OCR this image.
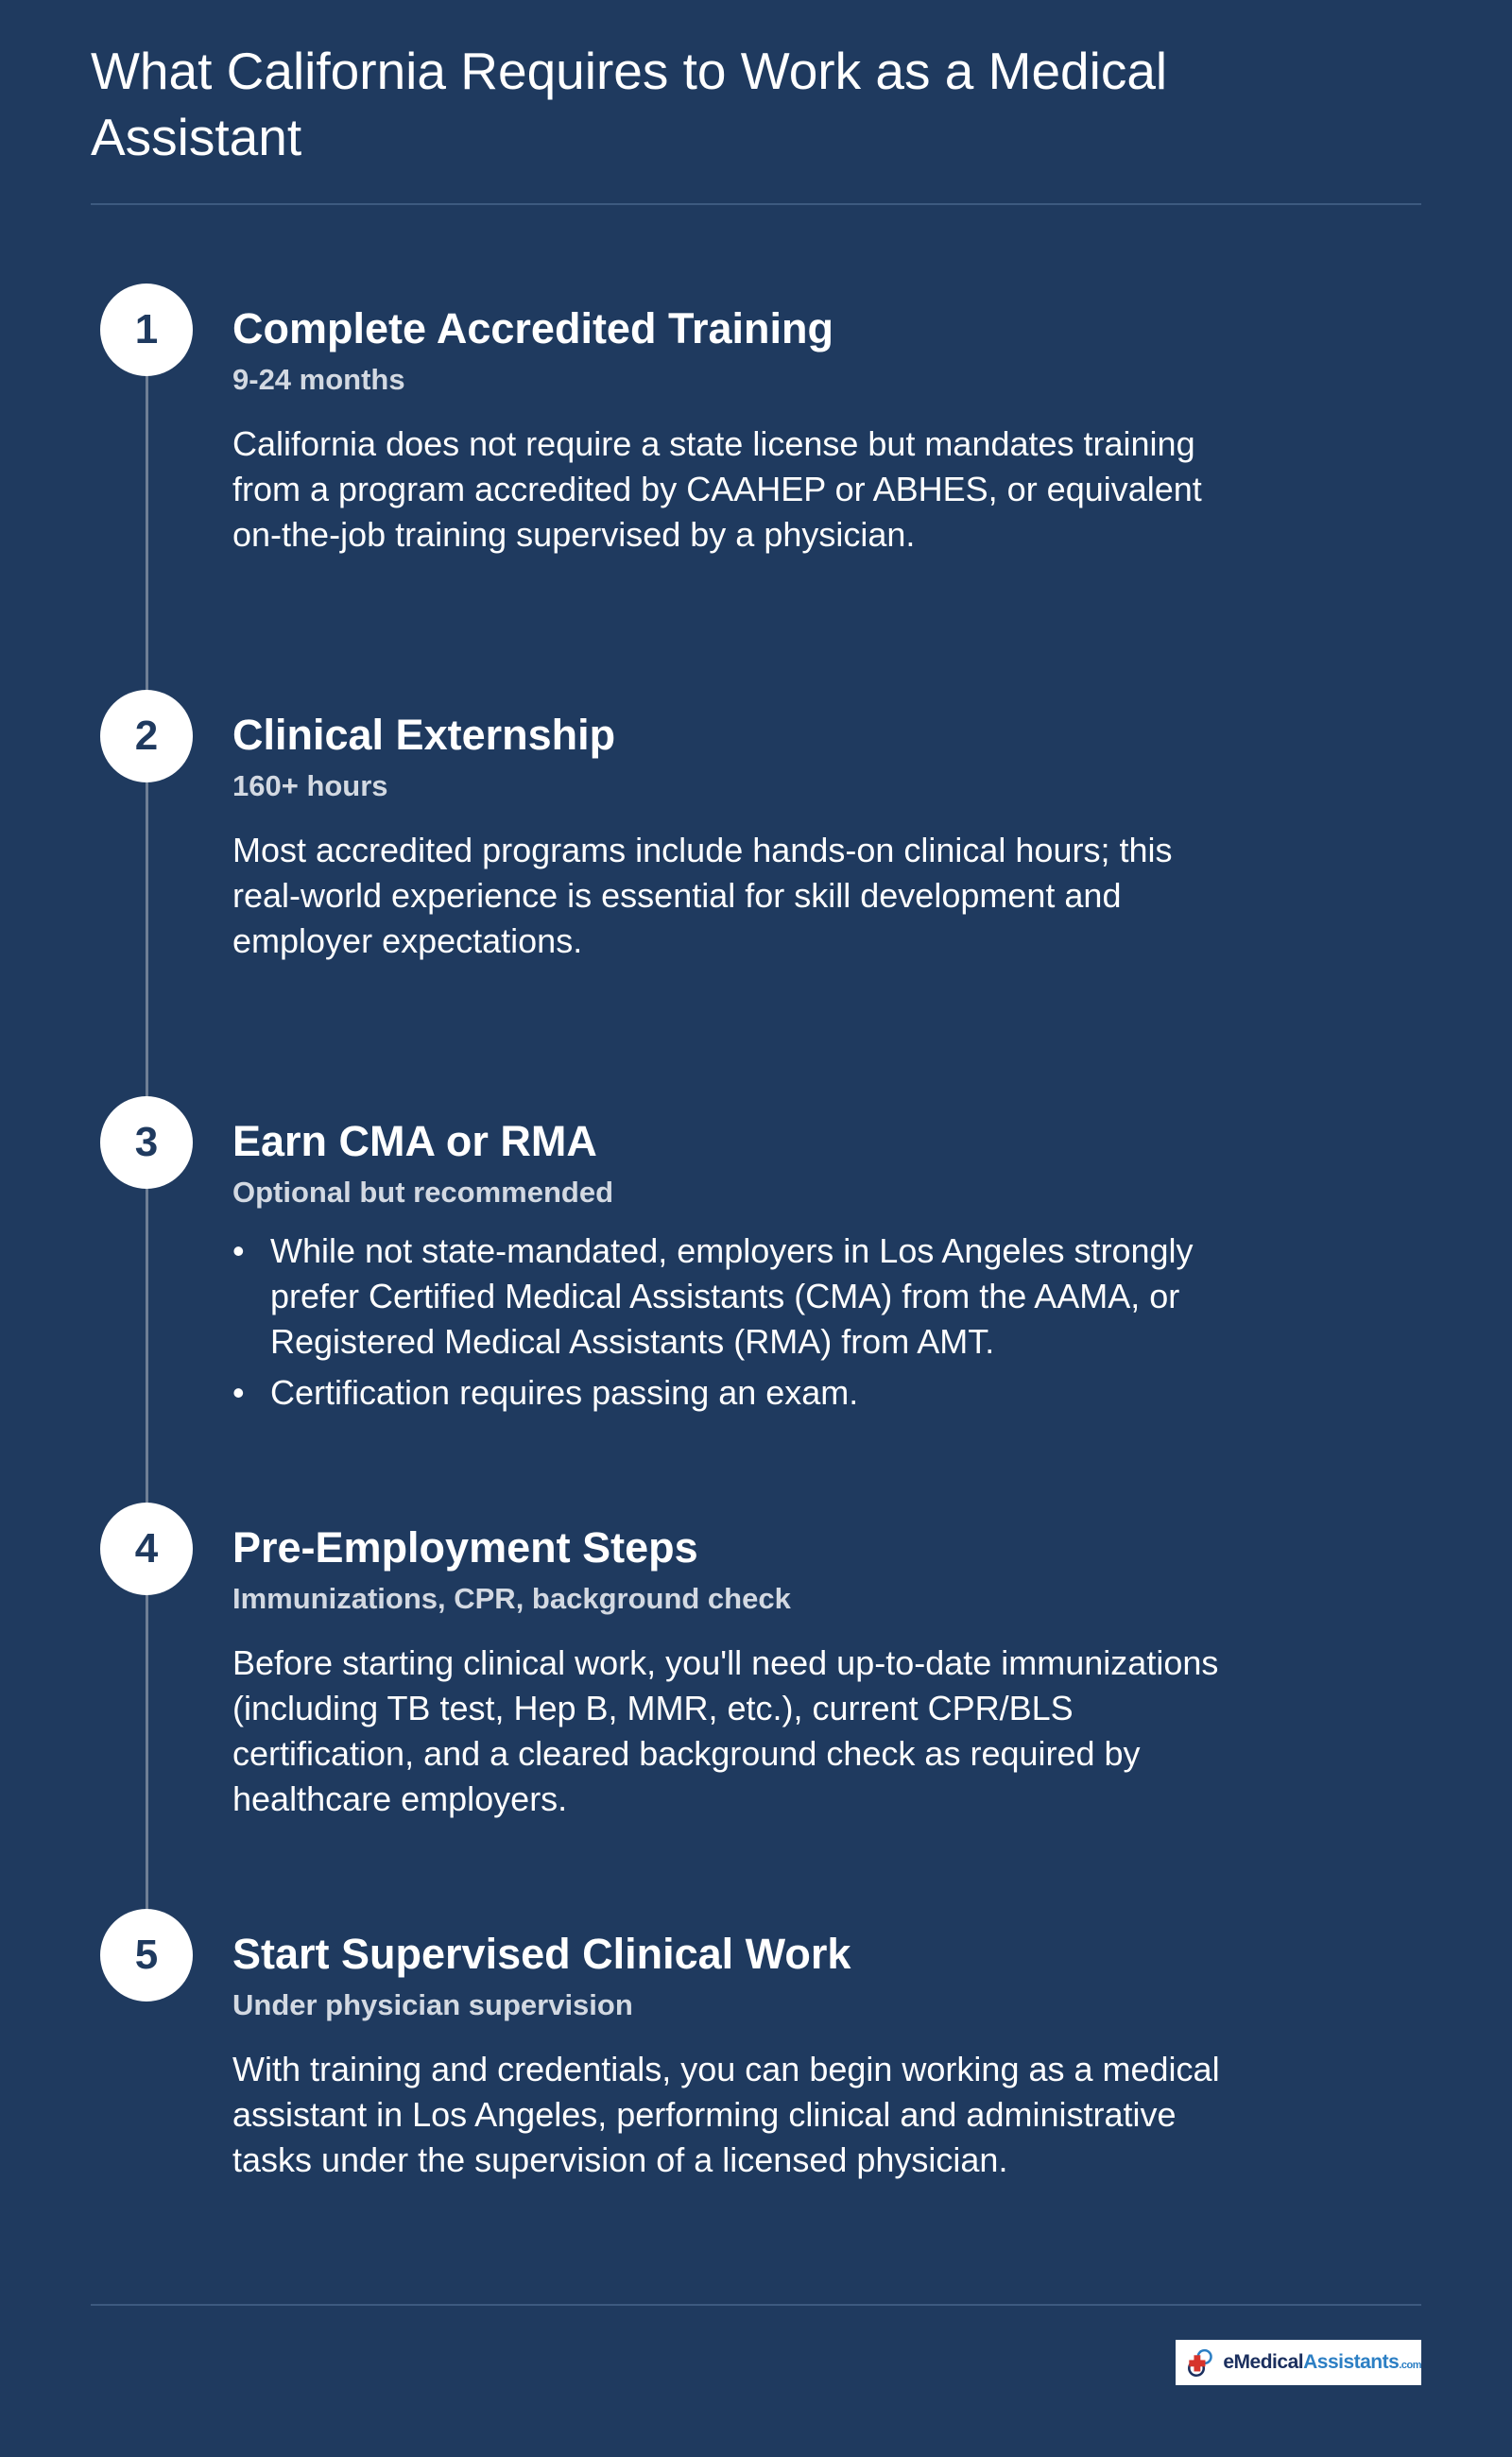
What California Requires to Work as a Medical Assistant
1	Complete Accredited Training
9-24 months
California does not require a state license but mandates training from a program accredited by CAAHEP or ABHES, or equivalent on-the-job training supervised by a physician.
2	Clinical Externship
160+ hours
Most accredited programs include hands-on clinical hours; this real-world experience is essential for skill development and employer expectations.
3	Earn CMA or RMA
Optional but recommended
• While not state-mandated, employers in Los Angeles strongly prefer Certified Medical Assistants (CMA) from the AAMA, or Registered Medical Assistants (RMA) from AMT.
• Certification requires passing an exam.
4	Pre-Employment Steps
Immunizations, CPR, background check
Before starting clinical work, you'll need up-to-date immunizations (including TB test, Hep B, MMR, etc.), current CPR/BLS certification, and a cleared background check as required by healthcare employers.
5	Start Supervised Clinical Work
Under physician supervision
With training and credentials, you can begin working as a medical assistant in Los Angeles, performing clinical and administrative tasks under the supervision of a licensed physician.
eMedicalAssistants.com
